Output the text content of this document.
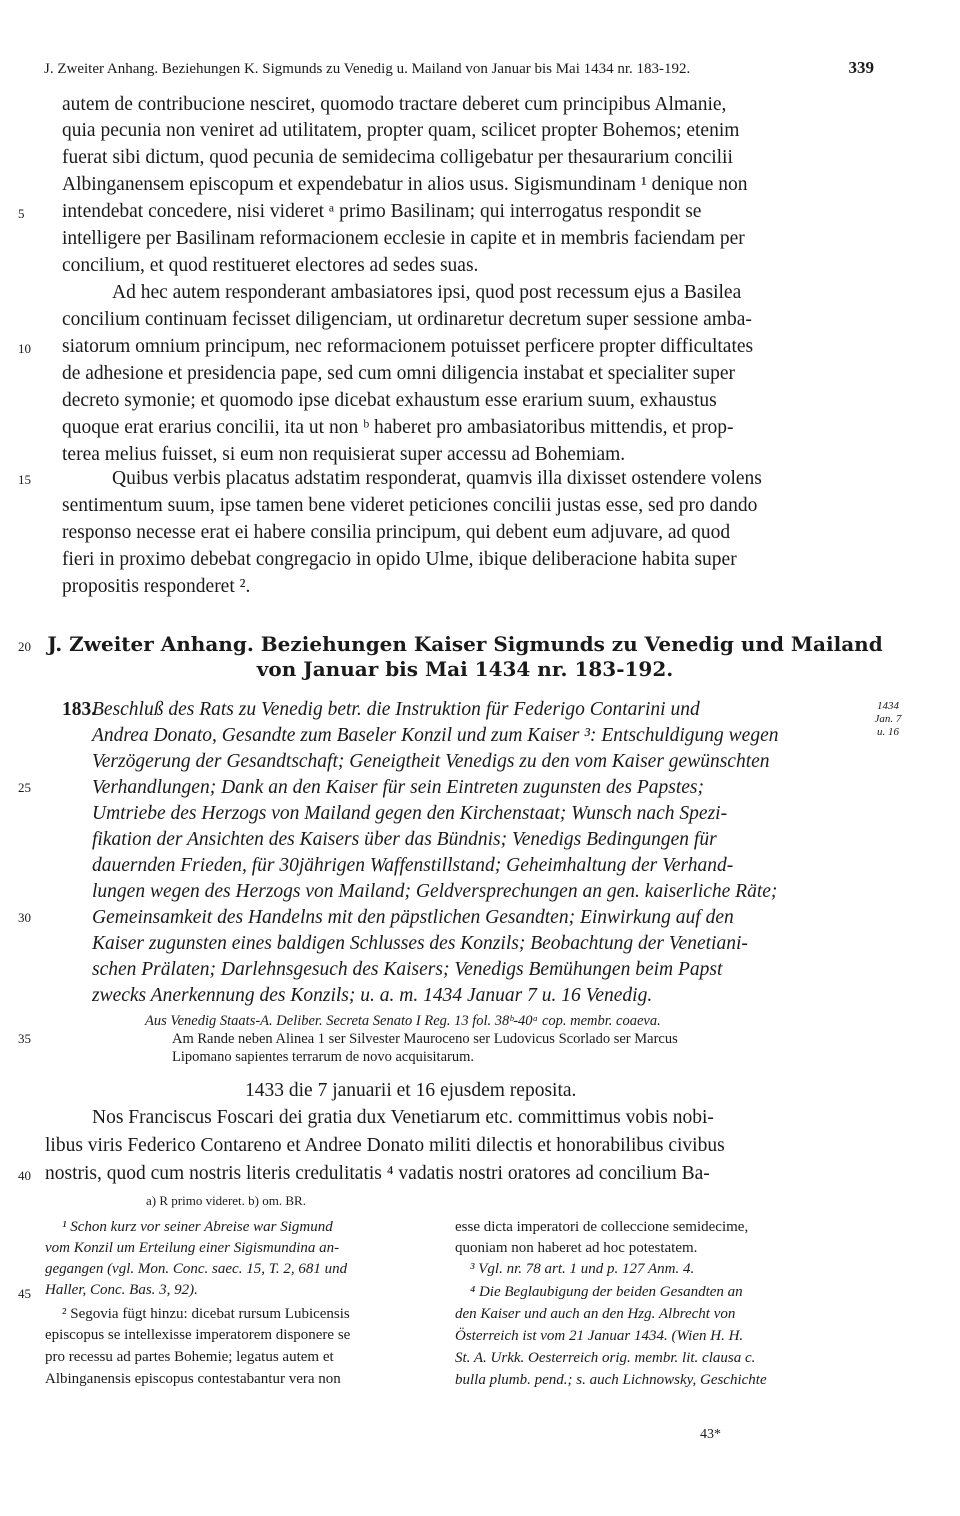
J. Zweiter Anhang. Beziehungen K. Sigmunds zu Venedig u. Mailand von Januar bis Mai 1434 nr. 183-192.	339
autem de contribucione nesciret, quomodo tractare deberet cum principibus Almanie,
quia pecunia non veniret ad utilitatem, propter quam, scilicet propter Bohemos; etenim
fuerat sibi dictum, quod pecunia de semidecima colligebatur per thesaurarium concilii
Albinganensem episcopum et expendebatur in alios usus. Sigismundinam ¹ denique non
5 intendebat concedere, nisi videret ᵃ primo Basilinam; qui interrogatus respondit se
intelligere per Basilinam reformacionem ecclesie in capite et in membris faciendam per
concilium, et quod restitueret electores ad sedes suas.
Ad hec autem responderant ambasiatores ipsi, quod post recessum ejus a Basilea
concilium continuam fecisset diligenciam, ut ordinaretur decretum super sessione amba-
10 siatorum omnium principum, nec reformacionem potuisset perficere propter difficultates
de adhesione et presidencia pape, sed cum omni diligencia instabat et specialiter super
decreto symonie; et quomodo ipse dicebat exhaustum esse erarium suum, exhaustus
quoque erat erarius concilii, ita ut non ᵇ haberet pro ambasiatoribus mittendis, et prop-
terea melius fuisset, si eum non requisierat super accessu ad Bohemiam.
15	Quibus verbis placatus adstatim responderat, quamvis illa dixisset ostendere volens
sentimentum suum, ipse tamen bene videret peticiones concilii justas esse, sed pro dando
responso necesse erat ei habere consilia principum, qui debent eum adjuvare, ad quod
fieri in proximo debebat congregacio in opido Ulme, ibique deliberacione habita super
propositis responderet ².
20 J. Zweiter Anhang. Beziehungen Kaiser Sigmunds zu Venedig und Mailand
von Januar bis Mai 1434 nr. 183-192.
183.
Beschluß des Rats zu Venedig betr. die Instruktion für Federigo Contarini und
Andrea Donato, Gesandte zum Baseler Konzil und zum Kaiser ³: Entschuldigung wegen
Verzögerung der Gesandtschaft; Geneigtheit Venedigs zu den vom Kaiser gewünschten
25	Verhandlungen; Dank an den Kaiser für sein Eintreten zugunsten des Papstes;
Umtriebe des Herzogs von Mailand gegen den Kirchenstaat; Wunsch nach Spezi-
fikation der Ansichten des Kaisers über das Bündnis; Venedigs Bedingungen für
dauernden Frieden, für 30jährigen Waffenstillstand; Geheimhaltung der Verhand-
lungen wegen des Herzogs von Mailand; Geldversprechungen an gen. kaiserliche Räte;
30	Gemeinsamkeit des Handelns mit den päpstlichen Gesandten; Einwirkung auf den
Kaiser zugunsten eines baldigen Schlusses des Konzils; Beobachtung der Venetiani-
schen Prälaten; Darlehnsgesuch des Kaisers; Venedigs Bemühungen beim Papst
zwecks Anerkennung des Konzils; u. a. m. 1434 Januar 7 u. 16 Venedig.
1434
Jan. 7
u. 16
35
Aus Venedig Staats-A. Deliber. Secreta Senato I Reg. 13 fol. 38ᵇ-40ᵃ cop. membr. coaeva.
Am Rande neben Alinea 1 ser Silvester Mauroceno ser Ludovicus Scorlado ser Marcus
Lipomano sapientes terrarum de novo acquisitarum.
1433 die 7 januarii et 16 ejusdem reposita.
Nos Franciscus Foscari dei gratia dux Venetiarum etc. committimus vobis nobi-
libus viris Federico Contareno et Andree Donato militi dilectis et honorabilibus civibus
40 nostris, quod cum nostris literis credulitatis ⁴ vadatis nostri oratores ad concilium Ba-
a) R primo videret. b) om. BR.
¹ Schon kurz vor seiner Abreise war Sigmund
vom Konzil um Erteilung einer Sigismundina an-
gegangen (vgl. Mon. Conc. saec. 15, T. 2, 681 und
45 Haller, Conc. Bas. 3, 92).
² Segovia fügt hinzu: dicebat rursum Lubicensis
episcopus se intellexisse imperatorem disponere se
pro recessu ad partes Bohemie; legatus autem et
Albinganensis episcopus contestabantur vera non
esse dicta imperatori de colleccione semidecime,
quoniam non haberet ad hoc potestatem.
³ Vgl. nr. 78 art. 1 und p. 127 Anm. 4.
⁴ Die Beglaubigung der beiden Gesandten an
den Kaiser und auch an den Hzg. Albrecht von
Österreich ist vom 21 Januar 1434. (Wien H. H.
St. A. Urkk. Oesterreich orig. membr. lit. clausa c.
bulla plumb. pend.; s. auch Lichnowsky, Geschichte
43*
